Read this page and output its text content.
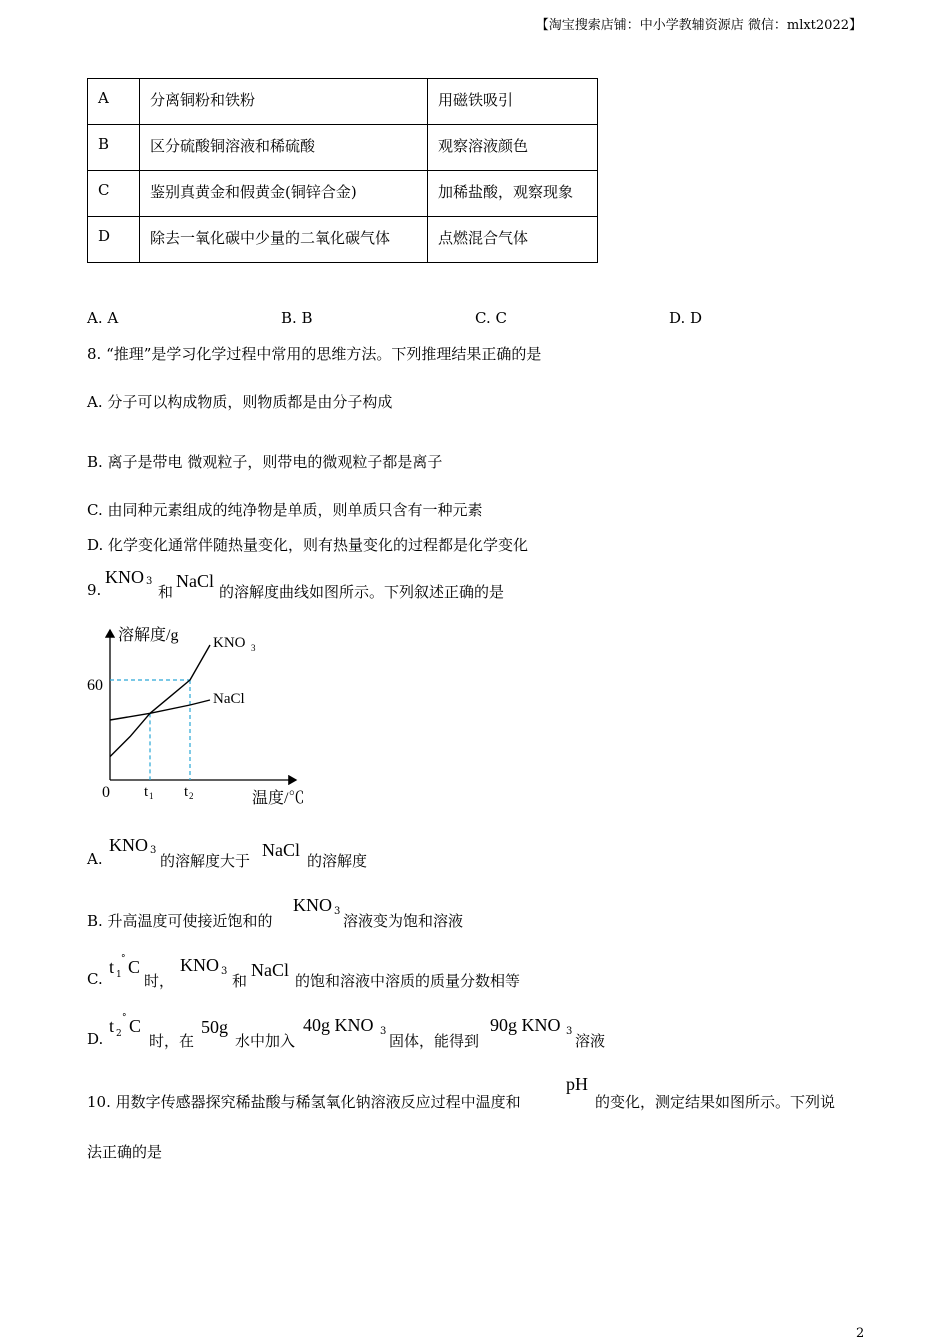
【淘宝搜索店铺：中小学教辅资源店 微信：mlxt2022】
A	分离铜粉和铁粉	用磁铁吸引
B	区分硫酸铜溶液和稀硫酸	观察溶液颜色
C	鉴别真黄金和假黄金(铜锌合金)	加稀盐酸，观察现象
D	除去一氧化碳中少量的二氧化碳气体	点燃混合气体
A. A	B. B	C. C	D. D
8. “推理”是学习化学过程中常用的思维方法。下列推理结果正确的是
A. 分子可以构成物质，则物质都是由分子构成
B. 离子是带电 微观粒子，则带电的微观粒子都是离子
C. 由同种元素组成的纯净物是单质，则单质只含有一种元素
D. 化学变化通常伴随热量变化，则有热量变化的过程都是化学变化
9.
KNO 3
和
NaCl
的溶解度曲线如图所示。下列叙述正确的是
溶解度/g
温度/℃
0
60
KNO 3
NaCl
t 1 t 2
A.
KNO 3
的溶解度大于
NaCl
的溶解度
B. 升高温度可使接近饱和的
KNO 3
溶液变为饱和溶液
C.
t 1
° C
时，
KNO 3
和
NaCl
的饱和溶液中溶质的质量分数相等
D.
t 2
° C
时，在
50g
水中加入
40g KNO 3
固体，能得到
90g KNO 3
溶液
10. 用数字传感器探究稀盐酸与稀氢氧化钠溶液反应过程中温度和
pH
的变化，测定结果如图所示。下列说
法正确的是
2
